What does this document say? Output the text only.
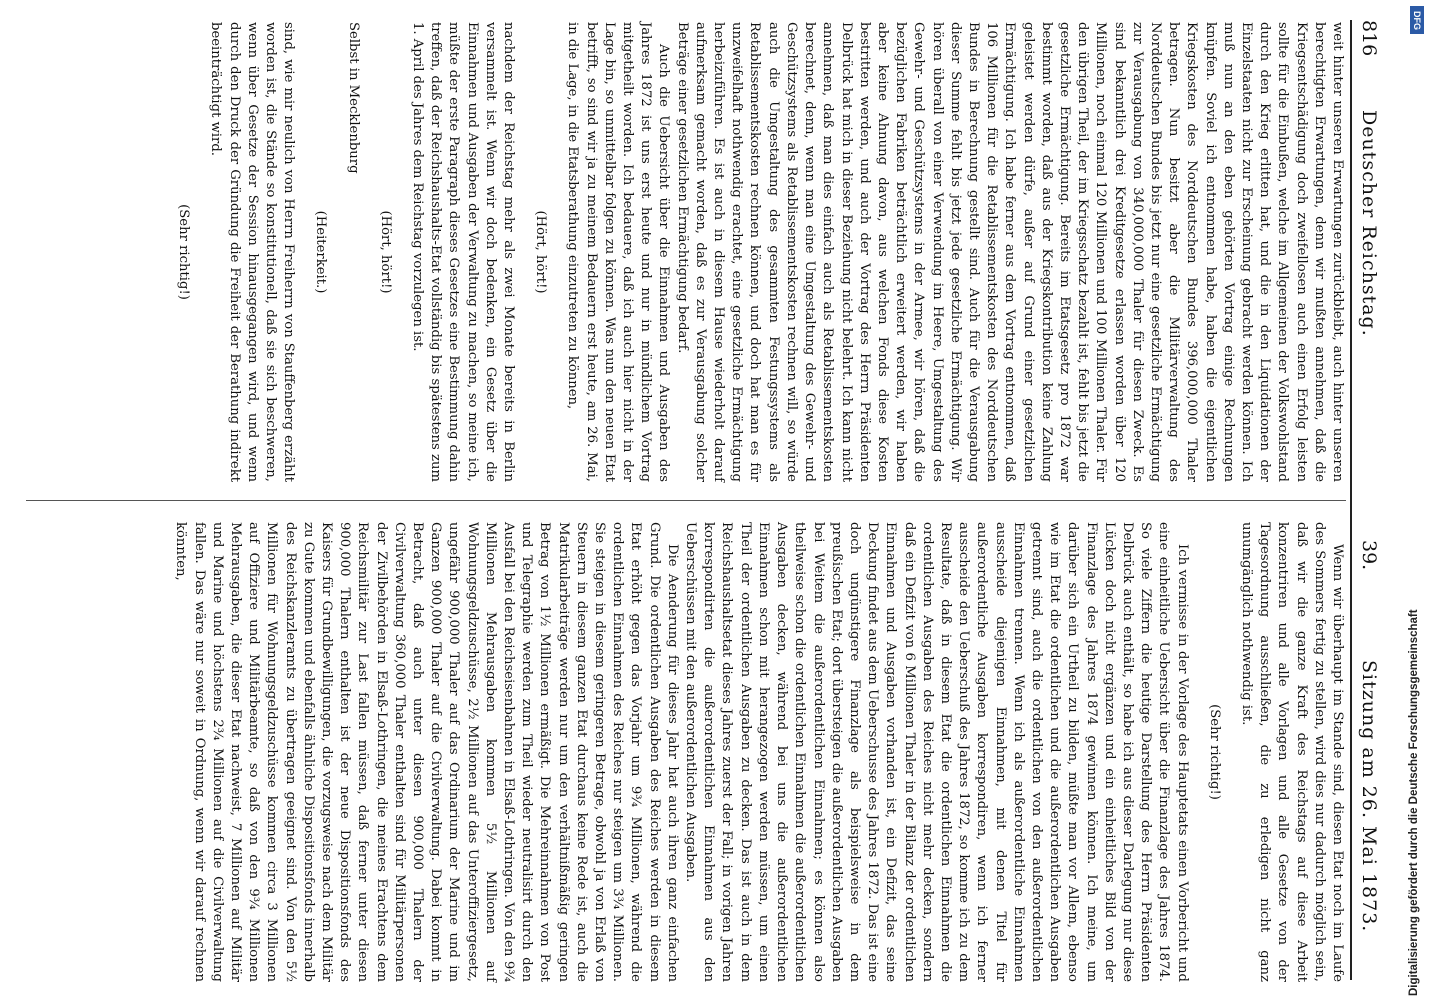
816
Deutscher Reichstag.
39.
Sitzung am 26. Mai 1873.

weit hinter unseren Erwartungen zurückbleibt, auch hinter unseren berechtigten Erwartungen, denn wir mußten annehmen, daß die Kriegsentschädigung doch zweifellosen auch einen Erfolg leisten sollte für die Einbußen, welche im Allgemeinen der Volkswohlstand durch den Krieg erlitten hat, und die in den Liquidationen der Einzelstaaten nicht zur Erscheinung gebracht werden können. Ich muß nun an den eben gehörten Vortrag einige Rechnungen knüpfen. Soviel ich entnommen habe, haben die eigentlichen Kriegskosten des Norddeutschen Bundes 396,000,000 Thaler betragen. Nun besitzt aber die Militärverwaltung des Norddeutschen Bundes bis jetzt nur eine gesetzliche Ermächtigung zur Verausgabung von 340,000,000 Thaler für diesen Zweck. Es sind bekanntlich drei Kreditgesetze erlassen worden über 120 Millionen, noch einmal 120 Millionen und 100 Millionen Thaler. Für den übrigen Theil, der im Kriegsschatz bezahlt ist, fehlt bis jetzt die gesetzliche Ermächtigung. Bereits im Etatsgesetz pro 1872 war bestimmt worden, daß aus der Kriegskontribution keine Zahlung geleistet werden dürfe, außer auf Grund einer gesetzlichen Ermächtigung. Ich habe ferner aus dem Vortrag entnommen, daß 106 Millionen für die Retablissementskosten des Norddeutschen Bundes in Berechnung gestellt sind. Auch für die Verausgabung dieser Summe fehlt bis jetzt jede gesetzliche Ermächtigung. Wir hören überall von einer Verwendung im Heere, Umgestaltung des Gewehr- und Geschützsystems in der Armee, wir hören, daß die bezüglichen Fabriken beträchtlich erweitert werden, wir haben aber keine Ahnung davon, aus welchen Fonds diese Kosten bestritten werden, und auch der Vortrag des Herrn Präsidenten Delbrück hat mich in dieser Beziehung nicht belehrt. Ich kann nicht annehmen, daß man dies einfach auch als Retablissementskosten berechnet, denn, wenn man eine Umgestaltung des Gewehr- und Geschützsystems als Retablissementskosten rechnen will, so würde auch die Umgestaltung des gesammten Festungssystems als Retablissementskosten rechnen können, und doch hat man es für unzweifelhaft nothwendig erachtet, eine gesetzliche Ermächtigung herbeizuführen. Es ist auch in diesem Hause wiederholt darauf aufmerksam gemacht worden, daß es zur Verausgabung solcher Beträge einer gesetzlichen Ermächtigung bedarf.

Auch die Uebersicht über die Einnahmen und Ausgaben des Jahres 1872 ist uns erst heute und nur in mündlichem Vortrag mitgetheilt worden. Ich bedauere, daß ich auch hier nicht in der Lage bin, so unmittelbar folgen zu können. Was nun den neuen Etat betrifft, so sind wir ja zu meinem Bedauern erst heute, am 26. Mai, in die Lage, in die Etatsberathung einzutreten zu können,

(Hört, hört!)

nachdem der Reichstag mehr als zwei Monate bereits in Berlin versammelt ist. Wenn wir doch bedenken, ein Gesetz über die Einnahmen und Ausgaben der Verwaltung zu machen, so meine ich, müßte der erste Paragraph dieses Gesetzes eine Bestimmung dahin treffen, daß der Reichshaushalts-Etat vollständig bis spätestens zum 1. April des Jahres dem Reichstag vorzulegen ist.

(Hört, hört!)

Selbst in Mecklenburg

(Heiterkeit.)

sind, wie mir neulich von Herrn Freiherrn von Stauffenberg erzählt worden ist, die Stände so konstitutionell, daß sie sich beschweren, wenn über Gesetze der Session hinausgegangen wird, und wenn durch den Druck der Gründung die Freiheit der Berathung indirekt beeinträchtigt wird.

(Sehr richtig!)

Wenn wir überhaupt im Stande sind, diesen Etat noch im Laufe des Sommers fertig zu stellen, wird dies nur dadurch möglich sein, daß wir die ganze Kraft des Reichstags auf diese Arbeit konzentriren und alle Vorlagen und alle Gesetze von der Tagesordnung ausschließen, die zu erledigen nicht ganz unumgänglich nothwendig ist.

(Sehr richtig!)

Ich vermisse in der Vorlage des Hauptetats einen Vorbericht und eine einheitliche Uebersicht über die Finanzlage des Jahres 1874. So viele Ziffern die heutige Darstellung des Herrn Präsidenten Delbrück auch enthält, so habe ich aus dieser Darlegung nur diese Lücken doch nicht ergänzen und ein einheitliches Bild von der Finanzlage des Jahres 1874 gewinnen können. Ich meine, um darüber sich ein Urtheil zu bilden, müßte man vor Allem, ebenso wie im Etat die ordentlichen und die außerordentlichen Ausgaben getrennt sind, auch die ordentlichen von den außerordentlichen Einnahmen trennen. Wenn ich als außerordentliche Einnahmen ausscheide diejenigen Einnahmen, mit denen Titel für außerordentliche Ausgaben korrespondiren, wenn ich ferner ausscheide den Ueberschuß des Jahres 1872, so komme ich zu dem Resultate, daß in diesem Etat die ordentlichen Einnahmen die ordentlichen Ausgaben des Reiches nicht mehr decken, sondern daß ein Defizit von 6 Millionen Thaler in der Bilanz der ordentlichen Einnahmen und Ausgaben vorhanden ist, ein Defizit, das seine Deckung findet aus dem Ueberschusse des Jahres 1872. Das ist eine doch ungünstigere Finanzlage als beispielsweise in dem preußischen Etat; dort übersteigen die außerordentlichen Ausgaben bei Weitem die außerordentlichen Einnahmen; es können also theilweise schon die ordentlichen Einnahmen die außerordentlichen Ausgaben decken, während bei uns die außerordentlichen Einnahmen schon mit herangezogen werden müssen, um einen Theil der ordentlichen Ausgaben zu decken. Das ist auch in dem Reichshaushaltsetat dieses Jahres zuerst der Fall; in vorigen Jahren korrespondirten die außerordentlichen Einnahmen aus den Ueberschüssen mit den außerordentlichen Ausgaben.

Die Aenderung für dieses Jahr hat auch ihren ganz einfachen Grund. Die ordentlichen Ausgaben des Reiches werden in diesem Etat erhöht gegen das Vorjahr um 9¾ Millionen, während die ordentlichen Einnahmen des Reiches nur steigen um 3¾ Millionen. Sie steigen in diesem geringeren Betrage, obwohl ja von Erlaß von Steuern in diesem ganzen Etat durchaus keine Rede ist, auch die Matrikularbeiträge werden nur um den verhältnißmäßig geringen Betrag von 1½ Millionen ermäßigt. Die Mehreinnahmen von Post und Telegraphie werden zum Theil wieder neutralisirt durch den Ausfall bei den Reichseisenbahnen in Elsaß-Lothringen. Von den 9¾ Millionen Mehrausgaben kommen 5½ Millionen auf Wohnungsgeldzuschüsse, 2½ Millionen auf das Unteroffiziergesetz, ungefähr 900,000 Thaler auf das Ordinarium der Marine und im Ganzen 900,000 Thaler auf die Civilverwaltung. Dabei kommt in Betracht, daß auch unter diesen 900,000 Thalern der Civilverwaltung 360,000 Thaler enthalten sind für Militärpersonen der Zivilbehörden in Elsaß-Lothringen, die meines Erachtens dem Reichsmilitär zur Last fallen müssen, daß ferner unter diesen 900,000 Thalern enthalten ist der neue Dispositionsfonds des Kaisers für Grundbewilligungen, die vorzugsweise nach dem Militär zu Gute kommen und ebenfalls ähnliche Dispositionsfonds innerhalb des Reichskanzleramts zu übertragen geeignet sind. Von den 5½ Millionen für Wohnungsgeldzuschüsse kommen circa 3 Millionen auf Offiziere und Militärbeamte, so daß von den 9¾ Millionen Mehrausgaben, die dieser Etat nachweist, 7 Millionen auf Militär und Marine und höchstens 2¾ Millionen auf die Civilverwaltung fallen. Das wäre nur soweit in Ordnung, wenn wir darauf rechnen könnten,

DFG
Digitalisierung gefördert durch die Deutsche Forschungsgemeinschaft
